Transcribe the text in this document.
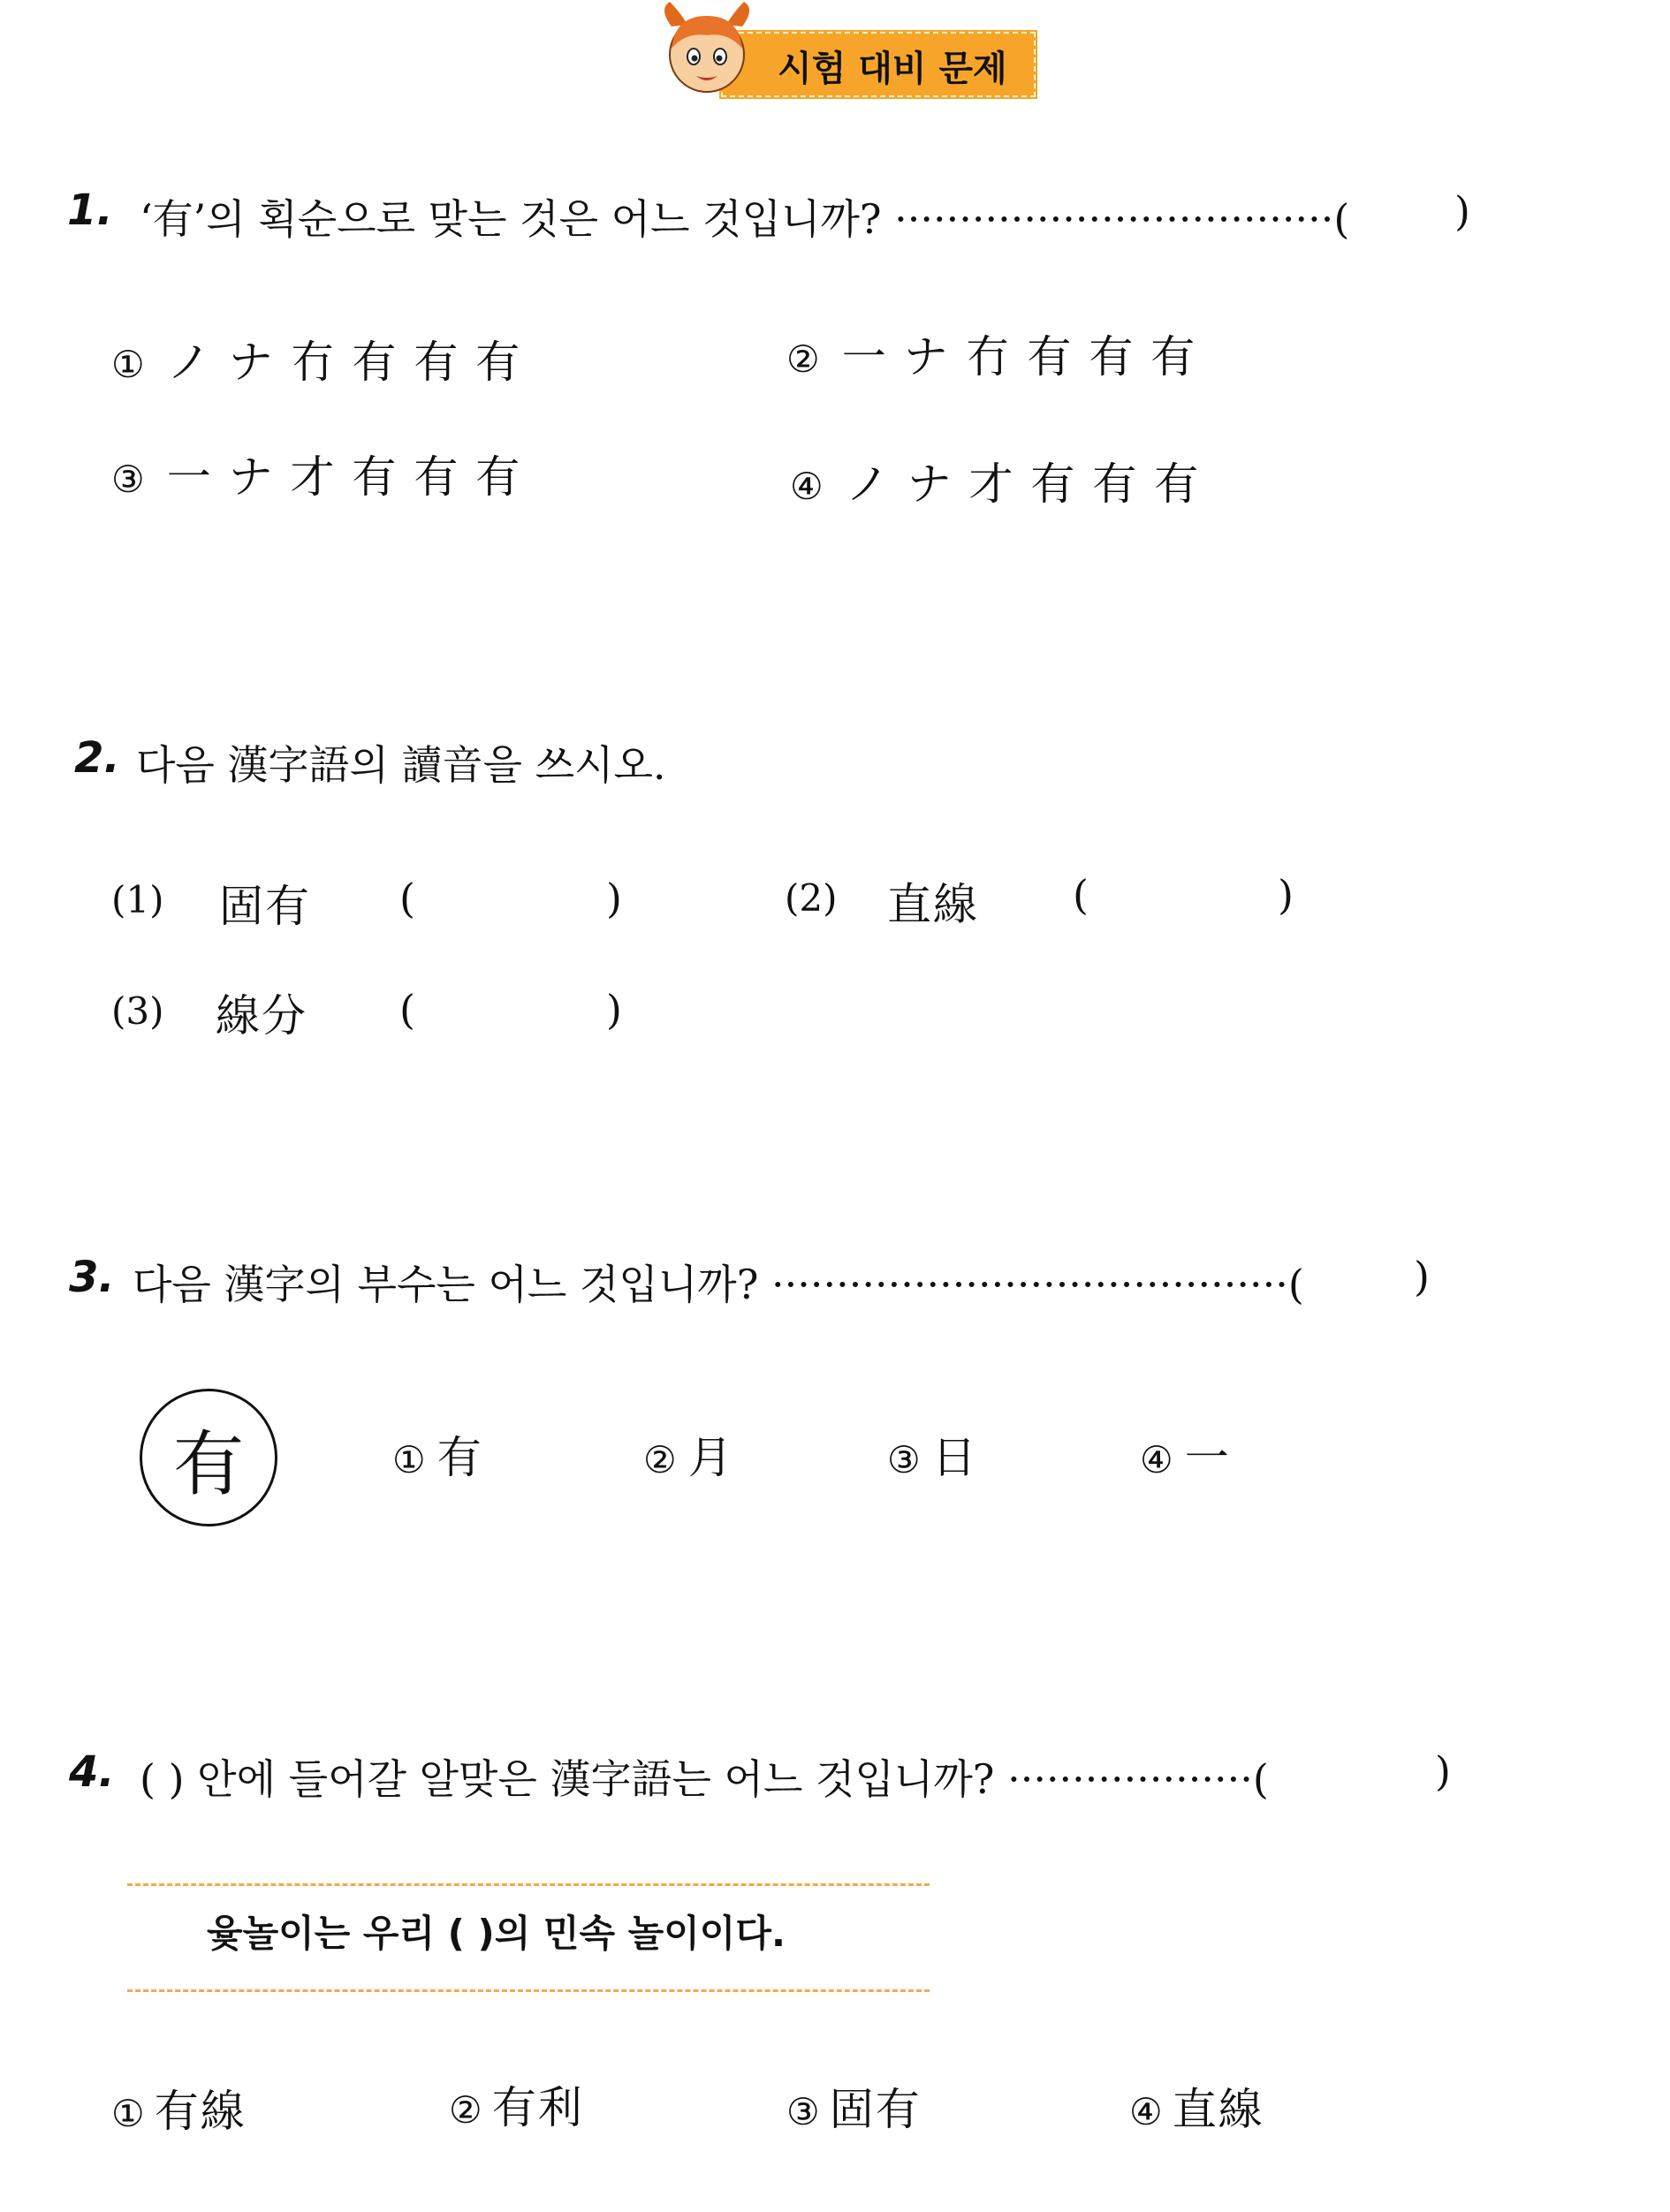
시험 대비 문제
1. ‘有’의 획순으로 맞는 것은 어느 것입니까? ··································(	)
① ノ ナ 冇 有 有 有	② 一 ナ 冇 有 有 有
③ 一 ナ 才 有 有 有	④ ノ ナ 才 有 有 有
2. 다음 漢字語의 讀音을 쓰시오.
(1) 固有 (	)	(2) 直線 (	)
(3) 線分 (	)
3. 다음 漢字의 부수는 어느 것입니까? ········································(	)
有	① 有	② 月	③ 日	④ 一
4. ( ) 안에 들어갈 알맞은 漢字語는 어느 것입니까? ···················(	)
윷놀이는 우리 ( )의 민속 놀이이다.
① 有線	② 有利	③ 固有	④ 直線
